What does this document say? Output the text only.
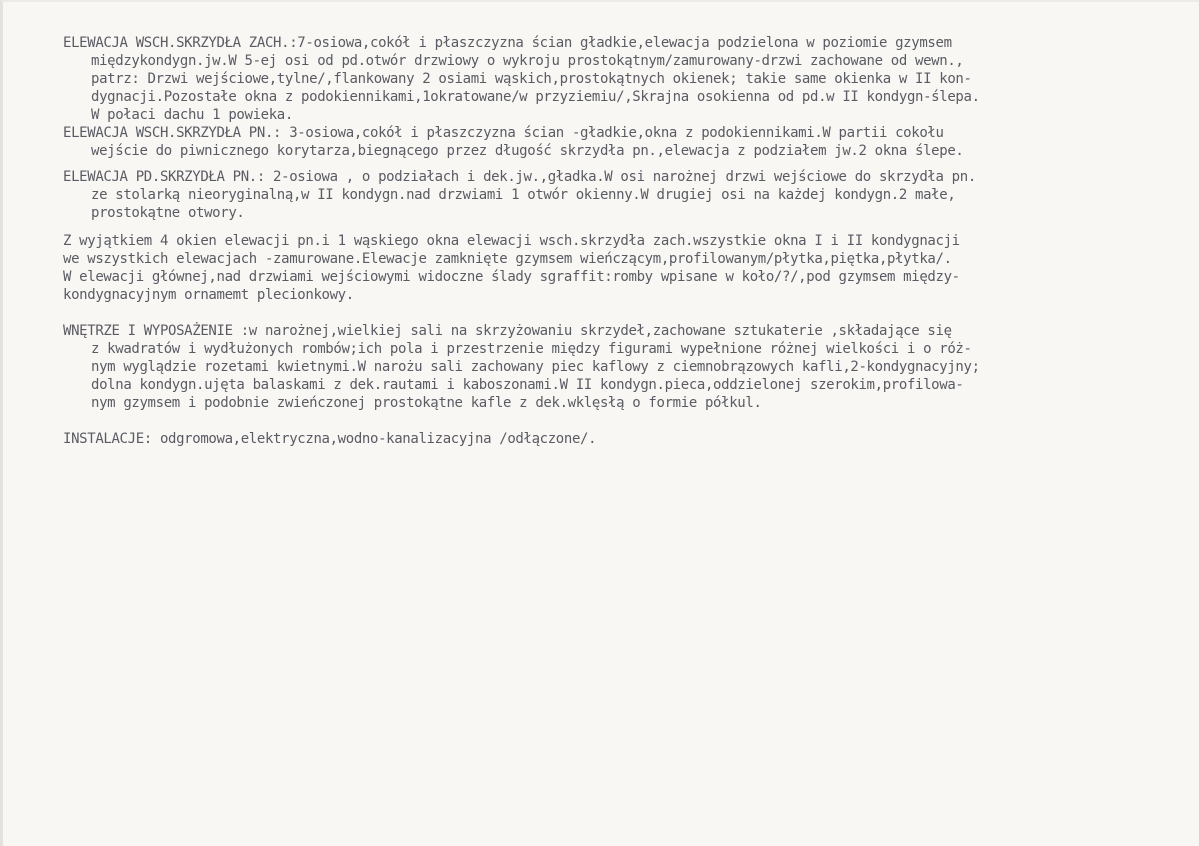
ELEWACJA WSCH.SKRZYDŁA ZACH.:7-osiowa,cokół i płaszczyzna ścian gładkie,elewacja podzielona w poziomie gzymsem
międzykondygn.jw.W 5-ej osi od pd.otwór drzwiowy o wykroju prostokątnym/zamurowany-drzwi zachowane od wewn.,
patrz: Drzwi wejściowe,tylne/,flankowany 2 osiami wąskich,prostokątnych okienek; takie same okienka w II kon-
dygnacji.Pozostałe okna z podokiennikami,1okratowane/w przyziemiu/,Skrajna osokienna od pd.w II kondygn-ślepa.
W połaci dachu 1 powieka.
ELEWACJA WSCH.SKRZYDŁA PN.: 3-osiowa,cokół i płaszczyzna ścian -gładkie,okna z podokiennikami.W partii cokołu
wejście do piwnicznego korytarza,biegnącego przez długość skrzydła pn.,elewacja z podziałem jw.2 okna ślepe.
ELEWACJA PD.SKRZYDŁA PN.: 2-osiowa , o podziałach i dek.jw.,gładka.W osi narożnej drzwi wejściowe do skrzydła pn.
ze stolarką nieoryginalną,w II kondygn.nad drzwiami 1 otwór okienny.W drugiej osi na każdej kondygn.2 małe,
prostokątne otwory.
Z wyjątkiem 4 okien elewacji pn.i 1 wąskiego okna elewacji wsch.skrzydła zach.wszystkie okna I i II kondygnacji
we wszystkich elewacjach -zamurowane.Elewacje zamknięte gzymsem wieńczącym,profilowanym/płytka,piętka,płytka/.
W elewacji głównej,nad drzwiami wejściowymi widoczne ślady sgraffit:romby wpisane w koło/?/,pod gzymsem między-
kondygnacyjnym ornamemt plecionkowy.
WNĘTRZE I WYPOSAŻENIE :w narożnej,wielkiej sali na skrzyżowaniu skrzydeł,zachowane sztukaterie ,składające się
z kwadratów i wydłużonych rombów;ich pola i przestrzenie między figurami wypełnione różnej wielkości i o róż-
nym wyglądzie rozetami kwietnymi.W narożu sali zachowany piec kaflowy z ciemnobrązowych kafli,2-kondygnacyjny;
dolna kondygn.ujęta balaskami z dek.rautami i kaboszonami.W II kondygn.pieca,oddzielonej szerokim,profilowa-
nym gzymsem i podobnie zwieńczonej prostokątne kafle z dek.wklęsłą o formie półkul.
INSTALACJE: odgromowa,elektryczna,wodno-kanalizacyjna /odłączone/.
